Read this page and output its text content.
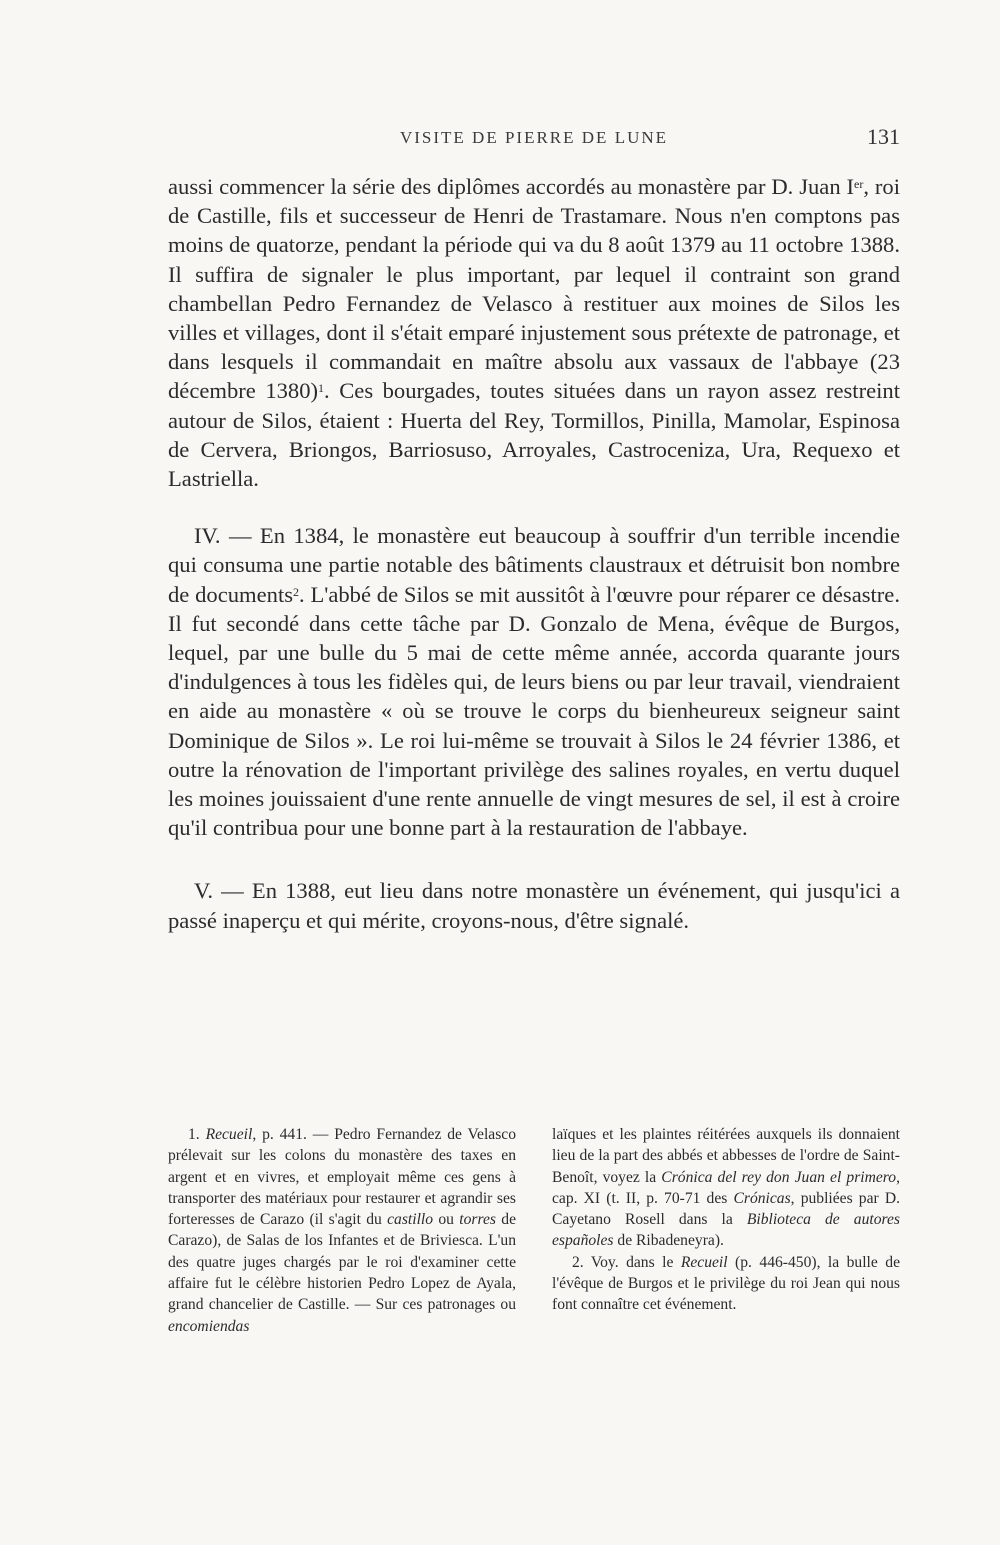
VISITE DE PIERRE DE LUNE	131

aussi commencer la série des diplômes accordés au monastère par D. Juan Ier, roi de Castille, fils et successeur de Henri de Trastamare. Nous n'en comptons pas moins de quatorze, pendant la période qui va du 8 août 1379 au 11 octobre 1388. Il suffira de signaler le plus important, par lequel il contraint son grand chambellan Pedro Fernandez de Velasco à restituer aux moines de Silos les villes et villages, dont il s'était emparé injustement sous prétexte de patronage, et dans lesquels il commandait en maître absolu aux vassaux de l'abbaye (23 décembre 1380)$^1$. Ces bourgades, toutes situées dans un rayon assez restreint autour de Silos, étaient : Huerta del Rey, Tormillos, Pinilla, Mamolar, Espinosa de Cervera, Briongos, Barriosuso, Arroyales, Castroceniza, Ura, Requexo et Lastriella.

IV. — En 1384, le monastère eut beaucoup à souffrir d'un terrible incendie qui consuma une partie notable des bâtiments claustraux et détruisit bon nombre de documents$^2$. L'abbé de Silos se mit aussitôt à l'œuvre pour réparer ce désastre. Il fut secondé dans cette tâche par D. Gonzalo de Mena, évêque de Burgos, lequel, par une bulle du 5 mai de cette même année, accorda quarante jours d'indulgences à tous les fidèles qui, de leurs biens ou par leur travail, viendraient en aide au monastère « où se trouve le corps du bienheureux seigneur saint Dominique de Silos ». Le roi lui-même se trouvait à Silos le 24 février 1386, et outre la rénovation de l'important privilège des salines royales, en vertu duquel les moines jouissaient d'une rente annuelle de vingt mesures de sel, il est à croire qu'il contribua pour une bonne part à la restauration de l'abbaye.

V. — En 1388, eut lieu dans notre monastère un événement, qui jusqu'ici a passé inaperçu et qui mérite, croyons-nous, d'être signalé.

1. Recueil, p. 441. — Pedro Fernandez de Velasco prélevait sur les colons du monastère des taxes en argent et en vivres, et employait même ces gens à transporter des matériaux pour restaurer et agrandir ses forteresses de Carazo (il s'agit du castillo ou torres de Carazo), de Salas de los Infantes et de Briviesca. L'un des quatre juges chargés par le roi d'examiner cette affaire fut le célèbre historien Pedro Lopez de Ayala, grand chancelier de Castille. — Sur ces patronages ou encomiendas

laïques et les plaintes réitérées auxquels ils donnaient lieu de la part des abbés et abbesses de l'ordre de Saint-Benoît, voyez la Crónica del rey don Juan el primero, cap. XI (t. II, p. 70-71 des Crónicas, publiées par D. Cayetano Rosell dans la Biblioteca de autores españoles de Ribadeneyra).

2. Voy. dans le Recueil (p. 446-450), la bulle de l'évêque de Burgos et le privilège du roi Jean qui nous font connaître cet événement.
